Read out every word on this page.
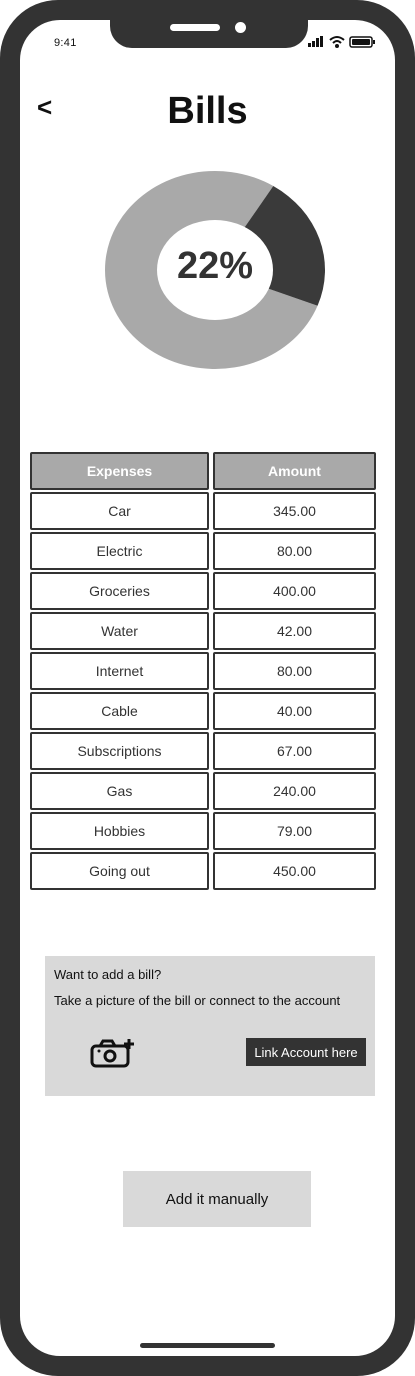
9:41
<	Bills
22%
Expenses	Amount
Car	345.00
Electric	80.00
Groceries	400.00
Water	42.00
Internet	80.00
Cable	40.00
Subscriptions	67.00
Gas	240.00
Hobbies	79.00
Going out	450.00
Want to add a bill?
Take a picture of the bill or connect to the account
Link Account here
Add it manually
